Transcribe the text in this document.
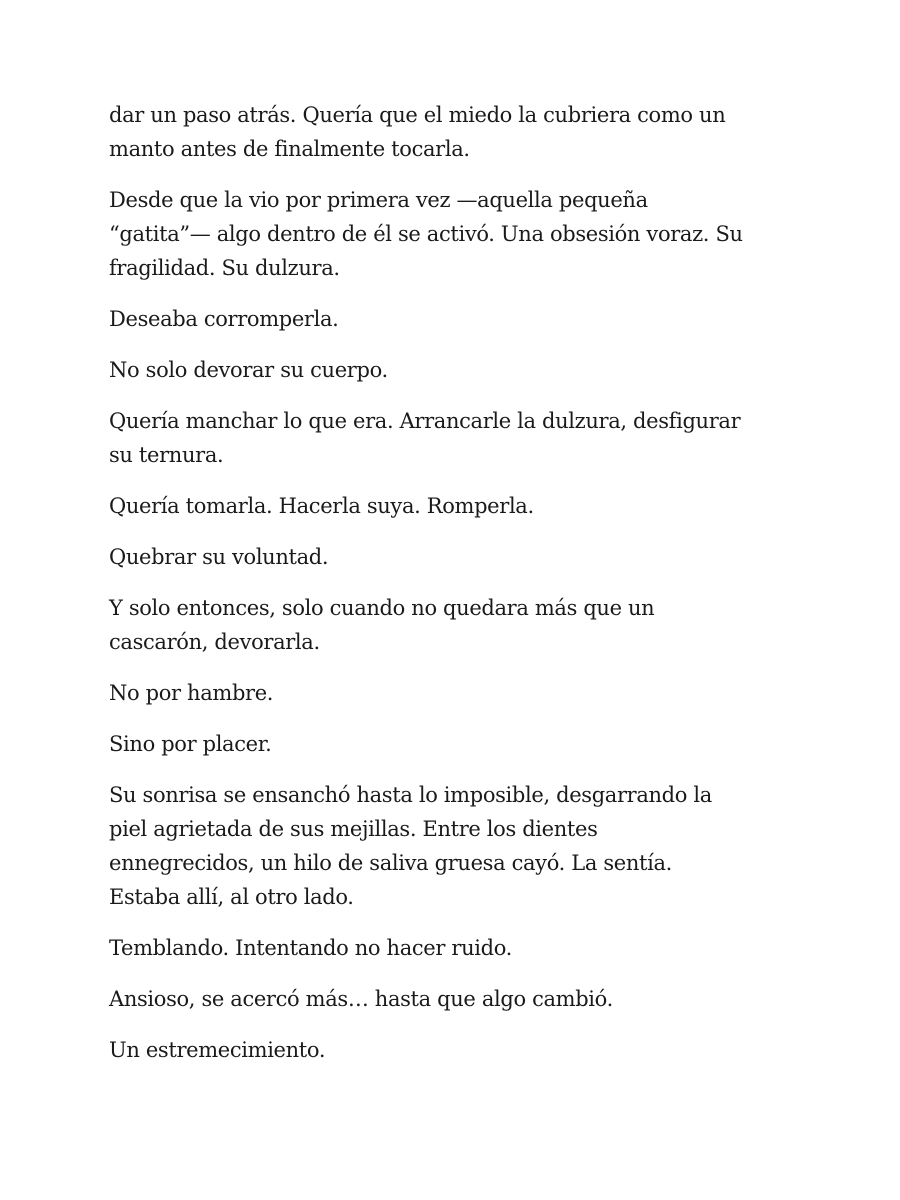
dar un paso atrás. Quería que el miedo la cubriera como un
manto antes de finalmente tocarla.

Desde que la vio por primera vez —aquella pequeña
“gatita”— algo dentro de él se activó. Una obsesión voraz. Su
fragilidad. Su dulzura.

Deseaba corromperla.

No solo devorar su cuerpo.

Quería manchar lo que era. Arrancarle la dulzura, desfigurar
su ternura.

Quería tomarla. Hacerla suya. Romperla.

Quebrar su voluntad.

Y solo entonces, solo cuando no quedara más que un
cascarón, devorarla.

No por hambre.

Sino por placer.

Su sonrisa se ensanchó hasta lo imposible, desgarrando la
piel agrietada de sus mejillas. Entre los dientes
ennegrecidos, un hilo de saliva gruesa cayó. La sentía.
Estaba allí, al otro lado.

Temblando. Intentando no hacer ruido.

Ansioso, se acercó más… hasta que algo cambió.

Un estremecimiento.
